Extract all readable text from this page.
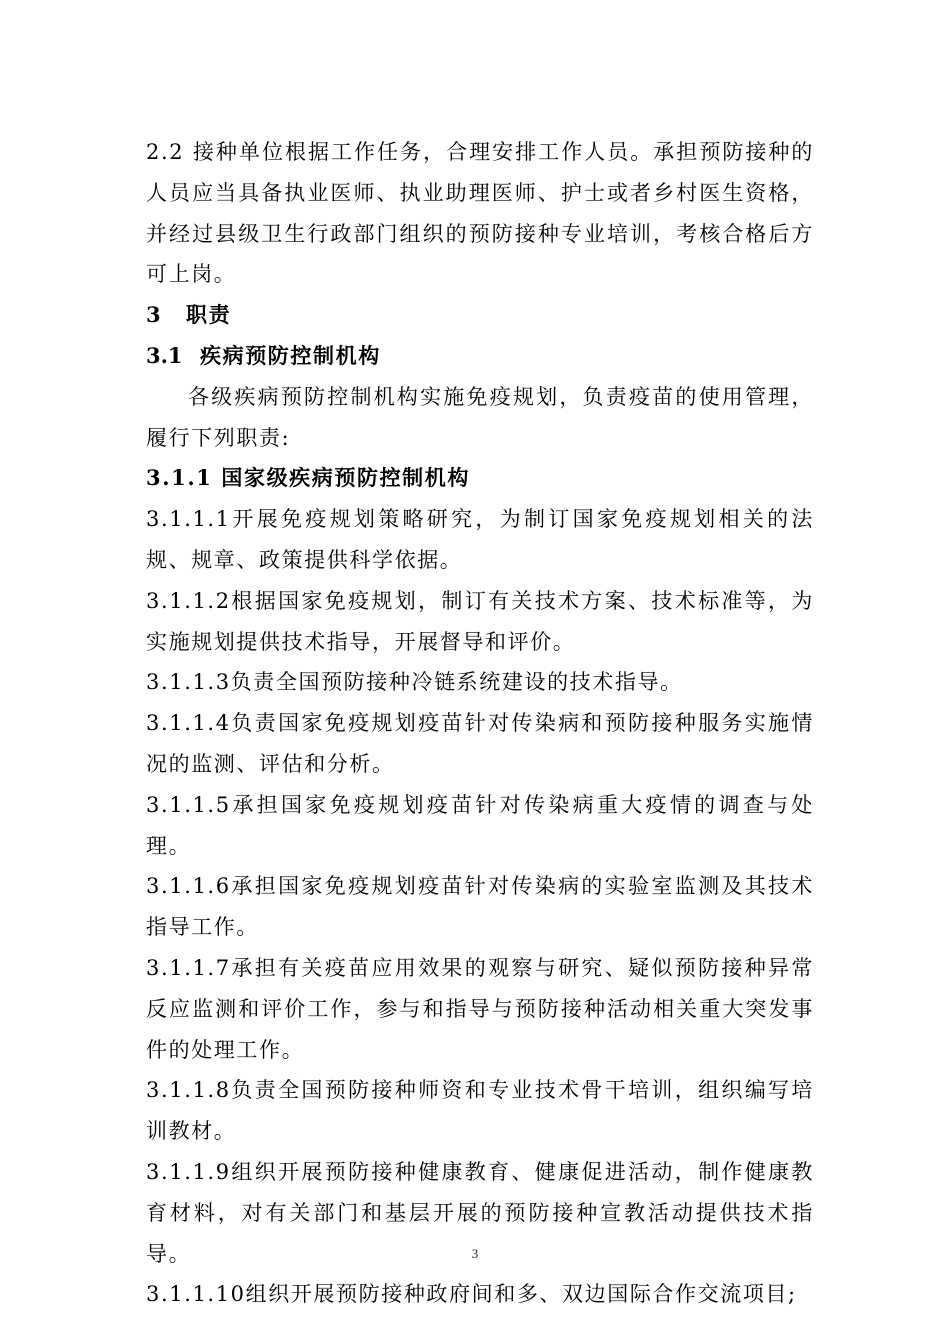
2.2 接种单位根据工作任务，合理安排工作人员。承担预防接种的人员应当具备执业医师、执业助理医师、护士或者乡村医生资格，并经过县级卫生行政部门组织的预防接种专业培训，考核合格后方可上岗。

3 职责

3.1 疾病预防控制机构

各级疾病预防控制机构实施免疫规划，负责疫苗的使用管理，履行下列职责:

3.1.1 国家级疾病预防控制机构

3.1.1.1开展免疫规划策略研究，为制订国家免疫规划相关的法规、规章、政策提供科学依据。

3.1.1.2根据国家免疫规划，制订有关技术方案、技术标准等，为实施规划提供技术指导，开展督导和评价。

3.1.1.3负责全国预防接种冷链系统建设的技术指导。

3.1.1.4负责国家免疫规划疫苗针对传染病和预防接种服务实施情况的监测、评估和分析。

3.1.1.5承担国家免疫规划疫苗针对传染病重大疫情的调查与处理。

3.1.1.6承担国家免疫规划疫苗针对传染病的实验室监测及其技术指导工作。

3.1.1.7承担有关疫苗应用效果的观察与研究、疑似预防接种异常反应监测和评价工作，参与和指导与预防接种活动相关重大突发事件的处理工作。

3.1.1.8负责全国预防接种师资和专业技术骨干培训，组织编写培训教材。

3.1.1.9组织开展预防接种健康教育、健康促进活动，制作健康教育材料，对有关部门和基层开展的预防接种宣教活动提供技术指导。

3.1.1.10组织开展预防接种政府间和多、双边国际合作交流项目;

3
